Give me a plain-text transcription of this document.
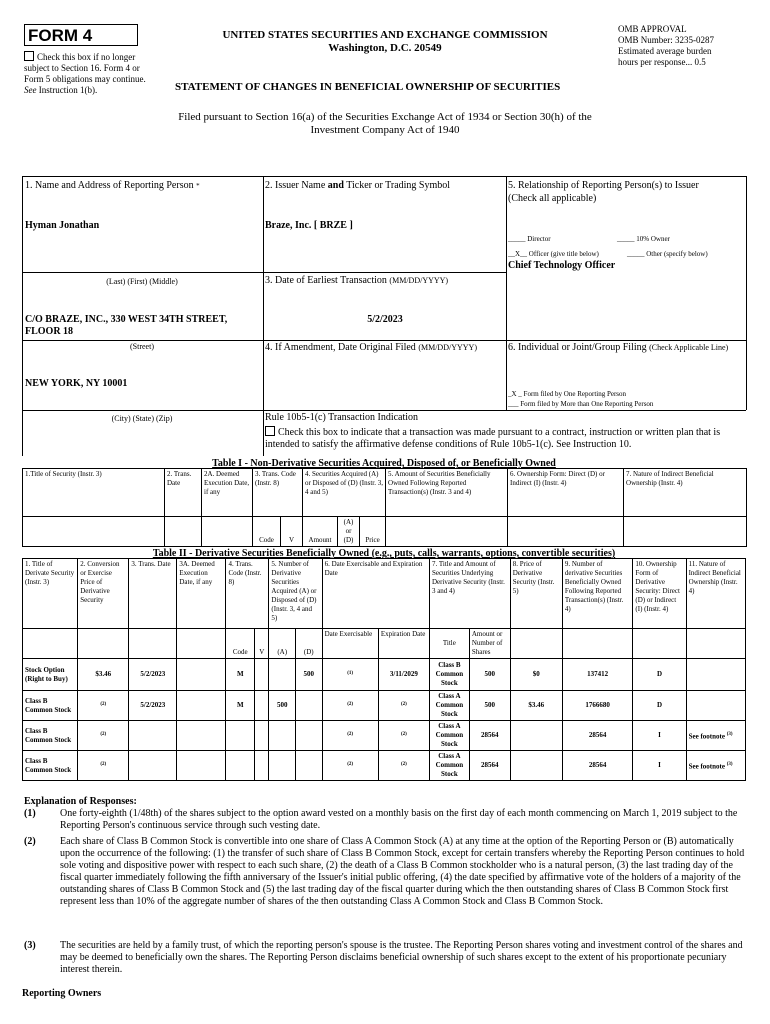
FORM 4
Check this box if no longer subject to Section 16. Form 4 or Form 5 obligations may continue. See Instruction 1(b).
UNITED STATES SECURITIES AND EXCHANGE COMMISSION
Washington, D.C. 20549
OMB APPROVAL
OMB Number: 3235-0287
Estimated average burden
hours per response... 0.5
STATEMENT OF CHANGES IN BENEFICIAL OWNERSHIP OF SECURITIES
Filed pursuant to Section 16(a) of the Securities Exchange Act of 1934 or Section 30(h) of the
Investment Company Act of 1940
1. Name and Address of Reporting Person *
Hyman Jonathan
(Last) (First) (Middle)
C/O BRAZE, INC., 330 WEST 34TH STREET,
FLOOR 18
(Street)
NEW YORK, NY 10001
(City) (State) (Zip)
2. Issuer Name and Ticker or Trading Symbol
Braze, Inc. [ BRZE ]
3. Date of Earliest Transaction (MM/DD/YYYY)
5/2/2023
4. If Amendment, Date Original Filed (MM/DD/YYYY)
5. Relationship of Reporting Person(s) to Issuer
(Check all applicable)
_____ Director	_____ 10% Owner
__X__ Officer (give title below)	_____ Other (specify below)
Chief Technology Officer
6. Individual or Joint/Group Filing (Check Applicable Line)
_X _ Form filed by One Reporting Person
___ Form filed by More than One Reporting Person
Rule 10b5-1(c) Transaction Indication
Check this box to indicate that a transaction was made pursuant to a contract, instruction or written plan that is intended to satisfy the affirmative defense conditions of Rule 10b5-1(c). See Instruction 10.
Table I - Non-Derivative Securities Acquired, Disposed of, or Beneficially Owned
1.Title of Security (Instr. 3)	2. Trans. Date	2A. Deemed Execution Date, if any	3. Trans. Code (Instr. 8)		4. Securities Acquired (A) or Disposed of (D) (Instr. 3, 4 and 5)			5. Amount of Securities Beneficially Owned Following Reported Transaction(s) (Instr. 3 and 4)	6. Ownership Form: Direct (D) or Indirect (I) (Instr. 4)	7. Nature of Indirect Beneficial Ownership (Instr. 4)
			Code	V	Amount	(A) or (D)	Price			
Table II - Derivative Securities Beneficially Owned (e.g., puts, calls, warrants, options, convertible securities)
1. Title of Derivate Security (Instr. 3)	2. Conversion or Exercise Price of Derivative Security	3. Trans. Date	3A. Deemed Execution Date, if any	4. Trans. Code (Instr. 8)		5. Number of Derivative Securities Acquired (A) or Disposed of (D) (Instr. 3, 4 and 5)		6. Date Exercisable and Expiration Date		7. Title and Amount of Securities Underlying Derivative Security (Instr. 3 and 4)		8. Price of Derivative Security (Instr. 5)	9. Number of derivative Securities Beneficially Owned Following Reported Transaction(s) (Instr. 4)	10. Ownership Form of Derivative Security: Direct (D) or Indirect (I) (Instr. 4)	11. Nature of Indirect Beneficial Ownership (Instr. 4)
				Code	V	(A)	(D)	Date Exercisable	Expiration Date	Title	Amount or Number of Shares				
Stock Option (Right to Buy)	$3.46	5/2/2023		M			500	$^{(1)}$	3/11/2029	Class B Common Stock	500	$0	137412	D	
Class B Common Stock	$^{(2)}$	5/2/2023		M		500		$^{(2)}$	$^{(2)}$	Class A Common Stock	500	$3.46	1766680	D	
Class B Common Stock	$^{(2)}$							$^{(2)}$	$^{(2)}$	Class A Common Stock	28564		28564	I	See footnote $^{(3)}$
Class B Common Stock	$^{(2)}$							$^{(2)}$	$^{(2)}$	Class A Common Stock	28564		28564	I	See footnote $^{(3)}$
Explanation of Responses:
(1) One forty-eighth (1/48th) of the shares subject to the option award vested on a monthly basis on the first day of each month commencing on March 1, 2019 subject to the Reporting Person's continuous service through such vesting date.
(2) Each share of Class B Common Stock is convertible into one share of Class A Common Stock (A) at any time at the option of the Reporting Person or (B) automatically upon the occurrence of the following: (1) the transfer of such share of Class B Common Stock, except for certain transfers whereby the Reporting Person continues to hold sole voting and dispositive power with respect to each such share, (2) the death of a Class B Common stockholder who is a natural person, (3) the last trading day of the fiscal quarter immediately following the fifth anniversary of the Issuer's initial public offering, (4) the date specified by affirmative vote of the holders of a majority of the outstanding shares of Class B Common Stock and (5) the last trading day of the fiscal quarter during which the then outstanding shares of Class B Common Stock first represent less than 10% of the aggregate number of shares of the then outstanding Class A Common Stock and Class B Common Stock.
(3) The securities are held by a family trust, of which the reporting person's spouse is the trustee. The Reporting Person shares voting and investment control of the shares and may be deemed to beneficially own the shares. The Reporting Person disclaims beneficial ownership of such shares except to the extent of his proportionate pecuniary interest therein.
Reporting Owners
